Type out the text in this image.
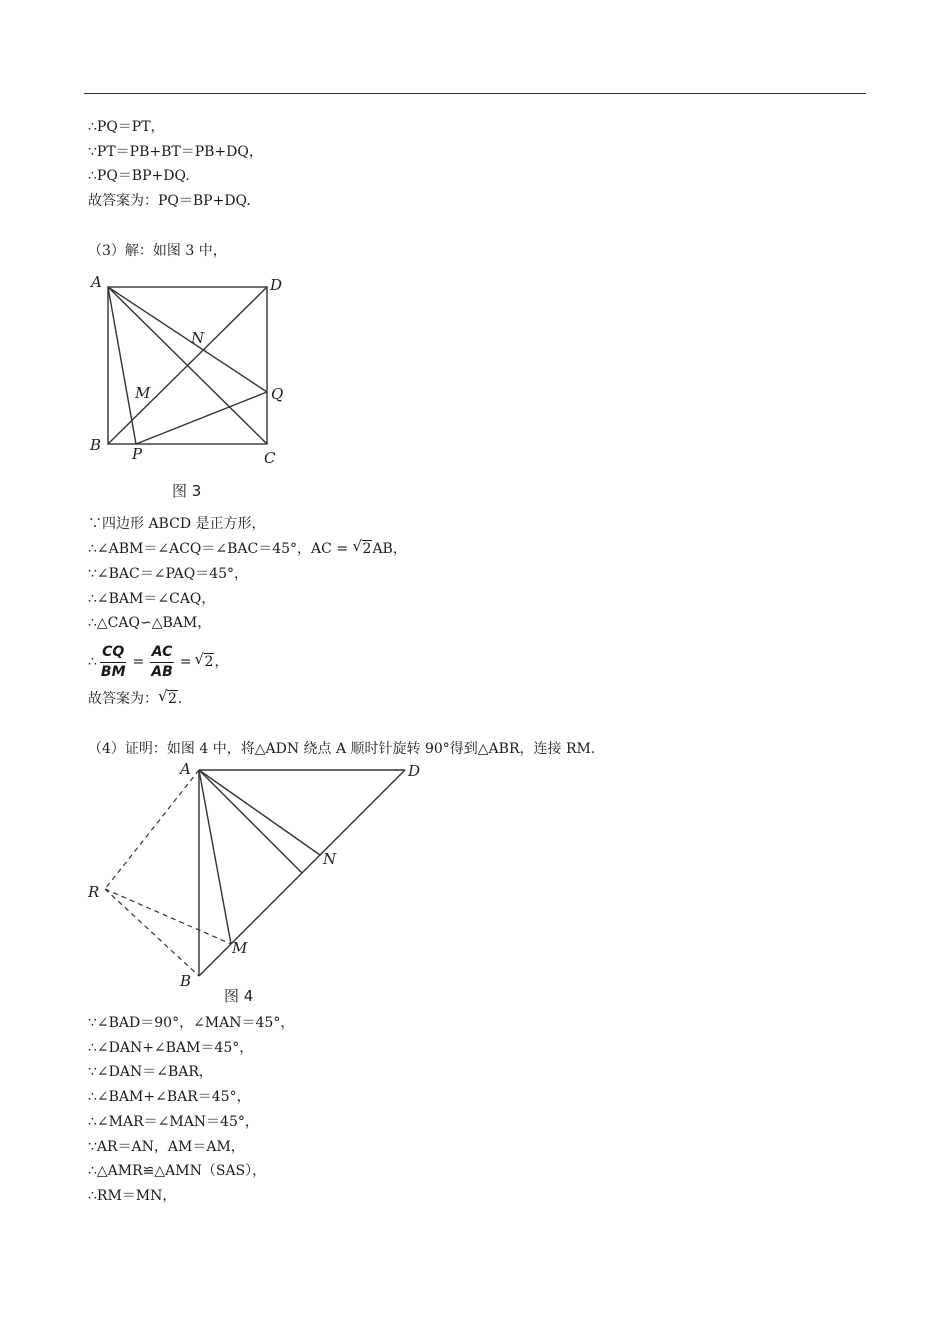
∴PQ＝PT，
∵PT＝PB+BT＝PB+DQ，
∴PQ＝BP+DQ.
故答案为：PQ＝BP+DQ.
（3）解：如图 3 中，
A	D
N
M	Q
B P	C
图 3
∵四边形 ABCD 是正方形，
∴∠ABM＝∠ACQ＝∠BAC＝45°，AC = √ 2AB，
∵∠BAC＝∠PAQ＝45°，
∴∠BAM＝∠CAQ，
∴△CAQ∽△BAM，
∴ $\frac{CQ}{BM} = \frac{AC}{AB}$ = √ 2 ，
故答案为： √ 2.
（4）证明：如图 4 中，将△ADN 绕点 A 顺时针旋转 90°得到△ABR，连接 RM.
A	D
N
R
M
B
图 4
∵∠BAD＝90°，∠MAN＝45°，
∴∠DAN+∠BAM＝45°，
∵∠DAN＝∠BAR，
∴∠BAM+∠BAR＝45°，
∴∠MAR＝∠MAN＝45°，
∵AR＝AN，AM＝AM，
∴△AMR≌△AMN（SAS），
∴RM＝MN，
